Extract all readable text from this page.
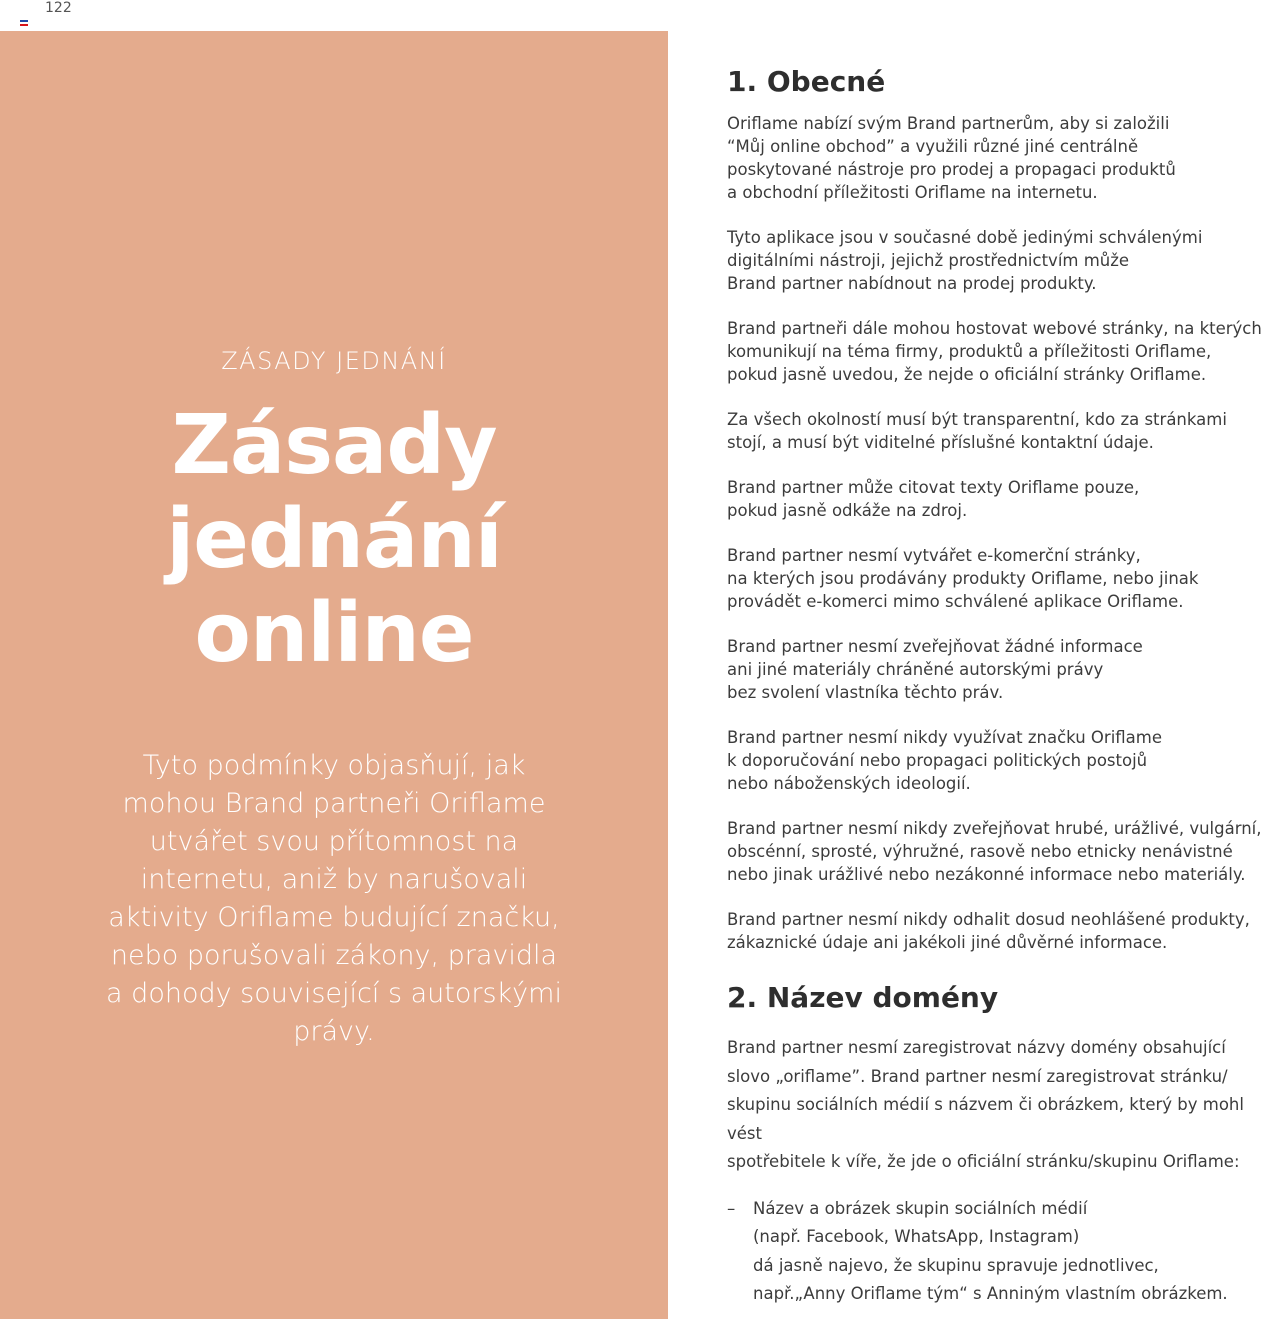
122
ZÁSADY JEDNÁNÍ
Zásady
jednání
online
Tyto podmínky objasňují, jak mohou Brand partneři Oriflame utvářet svou přítomnost na internetu, aniž by narušovali aktivity Oriflame budující značku, nebo porušovali zákony, pravidla a dohody související s autorskými právy.
1. Obecné

Oriflame nabízí svým Brand partnerům, aby si založili
“Můj online obchod” a využili různé jiné centrálně
poskytované nástroje pro prodej a propagaci produktů
a obchodní příležitosti Oriflame na internetu.

Tyto aplikace jsou v současné době jedinými schválenými
digitálními nástroji, jejichž prostřednictvím může
Brand partner nabídnout na prodej produkty.

Brand partneři dále mohou hostovat webové stránky, na kterých
komunikují na téma firmy, produktů a příležitosti Oriflame,
pokud jasně uvedou, že nejde o oficiální stránky Oriflame.

Za všech okolností musí být transparentní, kdo za stránkami
stojí, a musí být viditelné příslušné kontaktní údaje.

Brand partner může citovat texty Oriflame pouze,
pokud jasně odkáže na zdroj.

Brand partner nesmí vytvářet e-komerční stránky,
na kterých jsou prodávány produkty Oriflame, nebo jinak
provádět e-komerci mimo schválené aplikace Oriflame.

Brand partner nesmí zveřejňovat žádné informace
ani jiné materiály chráněné autorskými právy
bez svolení vlastníka těchto práv.

Brand partner nesmí nikdy využívat značku Oriflame
k doporučování nebo propagaci politických postojů
nebo náboženských ideologií.

Brand partner nesmí nikdy zveřejňovat hrubé, urážlivé, vulgární,
obscénní, sprosté, výhružné, rasově nebo etnicky nenávistné
nebo jinak urážlivé nebo nezákonné informace nebo materiály.

Brand partner nesmí nikdy odhalit dosud neohlášené produkty,
zákaznické údaje ani jakékoli jiné důvěrné informace.

2. Název domény

Brand partner nesmí zaregistrovat názvy domény obsahující
slovo „oriflame”. Brand partner nesmí zaregistrovat stránku/
skupinu sociálních médií s názvem či obrázkem, který by mohl vést
spotřebitele k víře, že jde o oficiální stránku/skupinu Oriflame:

–	Název a obrázek skupin sociálních médií
(např. Facebook, WhatsApp, Instagram)
dá jasně najevo, že skupinu spravuje jednotlivec,
např.„Anny Oriflame tým“ s Anniným vlastním obrázkem.
